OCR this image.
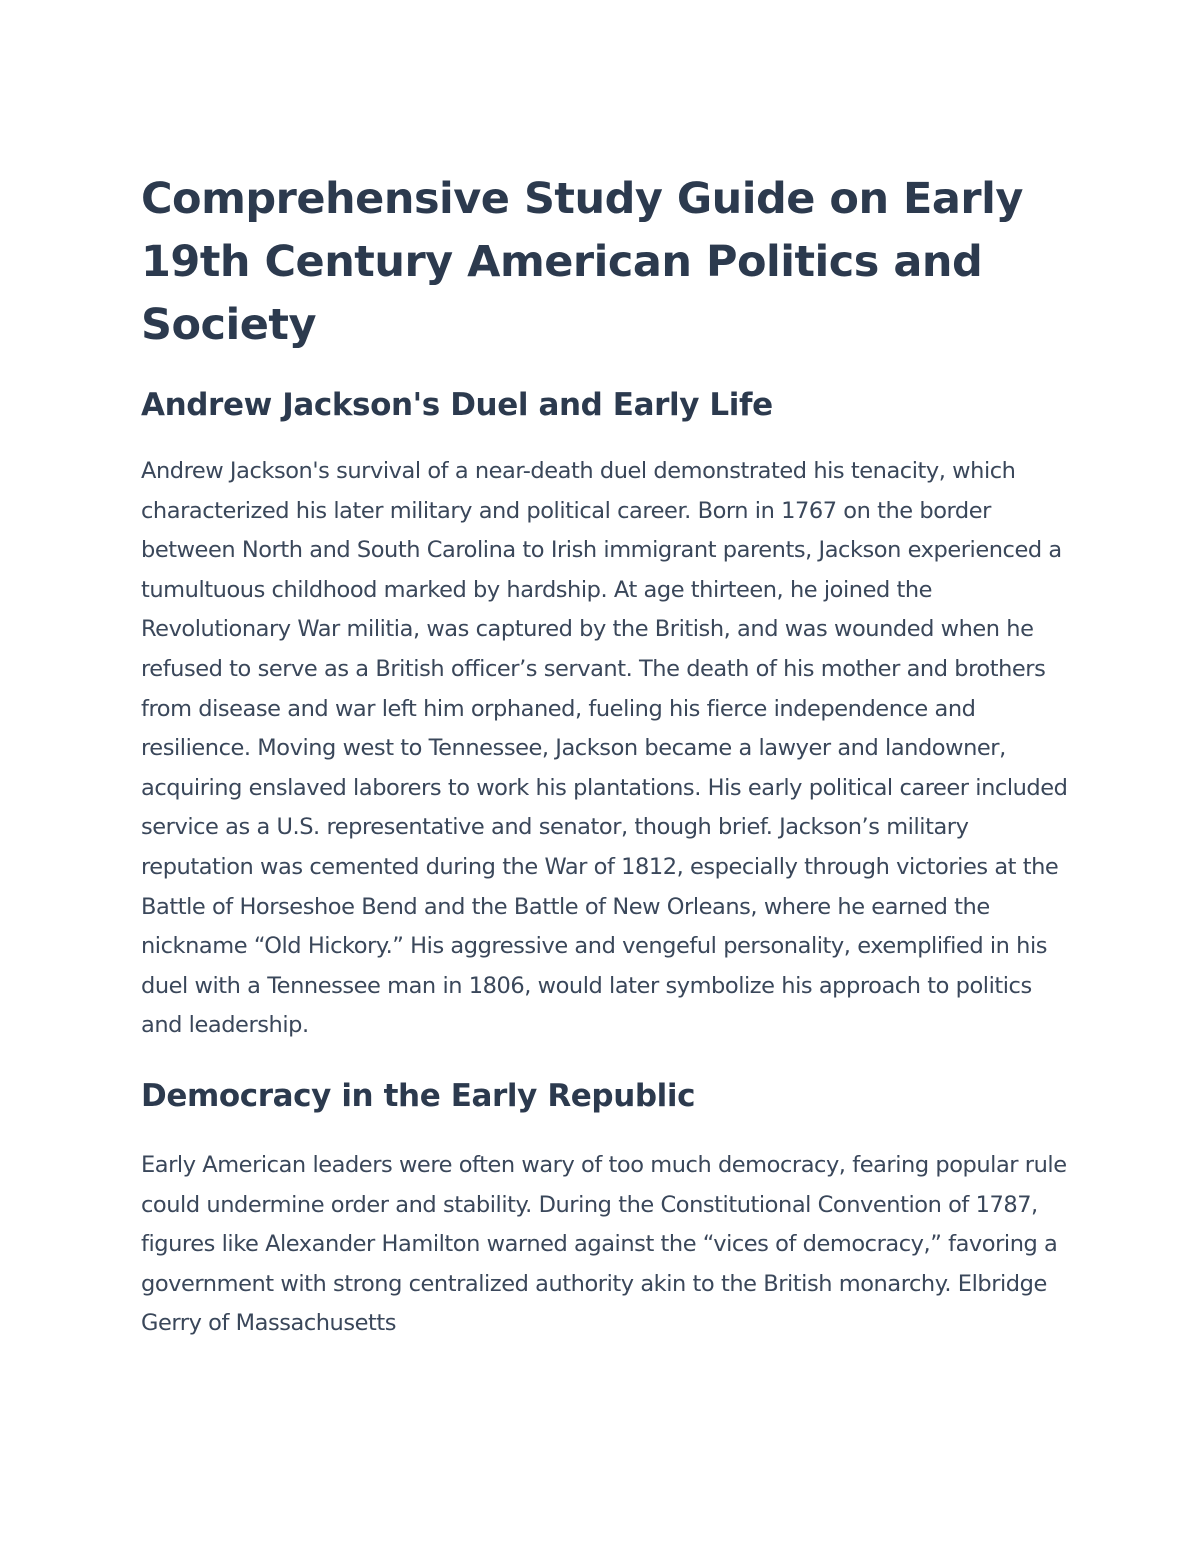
Comprehensive Study Guide on Early 19th Century American Politics and Society
Andrew Jackson's Duel and Early Life

Andrew Jackson's survival of a near-death duel demonstrated his tenacity, which characterized his later military and political career. Born in 1767 on the border between North and South Carolina to Irish immigrant parents, Jackson experienced a tumultuous childhood marked by hardship. At age thirteen, he joined the Revolutionary War militia, was captured by the British, and was wounded when he refused to serve as a British officer’s servant. The death of his mother and brothers from disease and war left him orphaned, fueling his fierce independence and resilience. Moving west to Tennessee, Jackson became a lawyer and landowner, acquiring enslaved laborers to work his plantations. His early political career included service as a U.S. representative and senator, though brief. Jackson’s military reputation was cemented during the War of 1812, especially through victories at the Battle of Horseshoe Bend and the Battle of New Orleans, where he earned the nickname “Old Hickory.” His aggressive and vengeful personality, exemplified in his duel with a Tennessee man in 1806, would later symbolize his approach to politics and leadership.

Democracy in the Early Republic

Early American leaders were often wary of too much democracy, fearing popular rule could undermine order and stability. During the Constitutional Convention of 1787, figures like Alexander Hamilton warned against the “vices of democracy,” favoring a government with strong centralized authority akin to the British monarchy. Elbridge Gerry of Massachusetts
